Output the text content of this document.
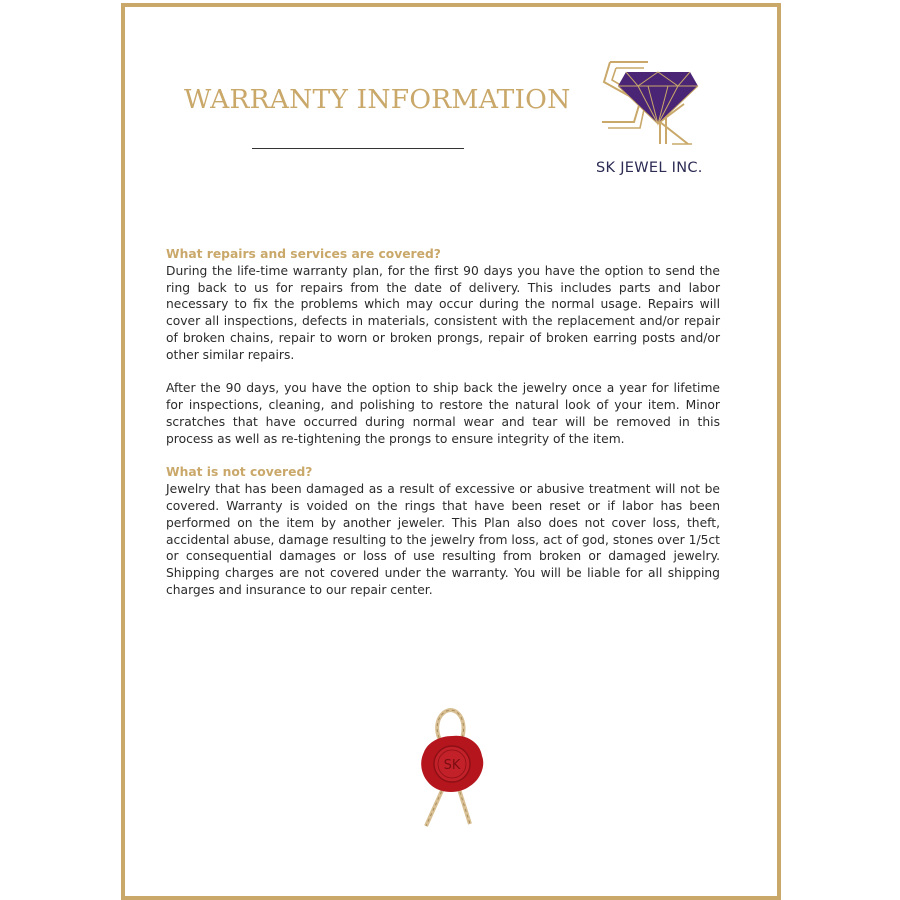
WARRANTY INFORMATION
SK JEWEL INC.

What repairs and services are covered?

During the life-time warranty plan, for the first 90 days you have the option to send the ring back to us for repairs from the date of delivery. This includes parts and labor necessary to fix the problems which may occur during the normal usage. Repairs will cover all inspections, defects in materials, consistent with the replacement and/or repair of broken chains, repair to worn or broken prongs, repair of broken earring posts and/or other similar repairs.

After the 90 days, you have the option to ship back the jewelry once a year for lifetime for inspections, cleaning, and polishing to restore the natural look of your item. Minor scratches that have occurred during normal wear and tear will be removed in this process as well as re-tightening the prongs to ensure integrity of the item.

What is not covered?

Jewelry that has been damaged as a result of excessive or abusive treatment will not be covered. Warranty is voided on the rings that have been reset or if labor has been performed on the item by another jeweler. This Plan also does not cover loss, theft, accidental abuse, damage resulting to the jewelry from loss, act of god, stones over 1/5ct or consequential damages or loss of use resulting from broken or damaged jewelry. Shipping charges are not covered under the warranty. You will be liable for all shipping charges and insurance to our repair center.

SK
